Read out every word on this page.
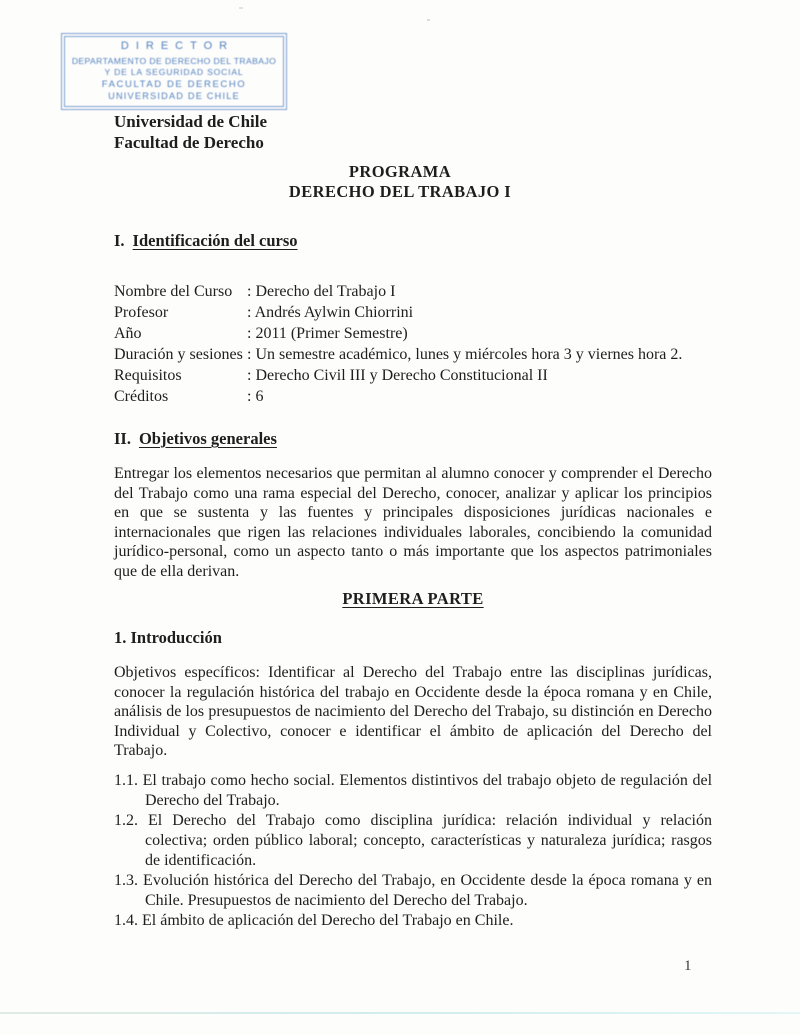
DIRECTOR
DEPARTAMENTO DE DERECHO DEL TRABAJO
Y DE LA SEGURIDAD SOCIAL
FACULTAD DE DERECHO
UNIVERSIDAD DE CHILE
Universidad de Chile
Facultad de Derecho
PROGRAMA
DERECHO DEL TRABAJO I
I. Identificación del curso
Nombre del Curso : Derecho del Trabajo I
Profesor	: Andrés Aylwin Chiorrini
Año	: 2011 (Primer Semestre)
Duración y sesiones : Un semestre académico, lunes y miércoles hora 3 y viernes hora 2.
Requisitos	: Derecho Civil III y Derecho Constitucional II
Créditos	: 6
II. Objetivos generales

Entregar los elementos necesarios que permitan al alumno conocer y comprender el Derecho del Trabajo como una rama especial del Derecho, conocer, analizar y aplicar los principios en que se sustenta y las fuentes y principales disposiciones jurídicas nacionales e internacionales que rigen las relaciones individuales laborales, concibiendo la comunidad jurídico-personal, como un aspecto tanto o más importante que los aspectos patrimoniales que de ella derivan.

PRIMERA PARTE
1. Introducción

Objetivos específicos: Identificar al Derecho del Trabajo entre las disciplinas jurídicas, conocer la regulación histórica del trabajo en Occidente desde la época romana y en Chile, análisis de los presupuestos de nacimiento del Derecho del Trabajo, su distinción en Derecho Individual y Colectivo, conocer e identificar el ámbito de aplicación del Derecho del Trabajo.

1.1. El trabajo como hecho social. Elementos distintivos del trabajo objeto de regulación del Derecho del Trabajo.
1.2. El Derecho del Trabajo como disciplina jurídica: relación individual y relación colectiva; orden público laboral; concepto, características y naturaleza jurídica; rasgos de identificación.
1.3. Evolución histórica del Derecho del Trabajo, en Occidente desde la época romana y en Chile. Presupuestos de nacimiento del Derecho del Trabajo.
1.4. El ámbito de aplicación del Derecho del Trabajo en Chile.
1
